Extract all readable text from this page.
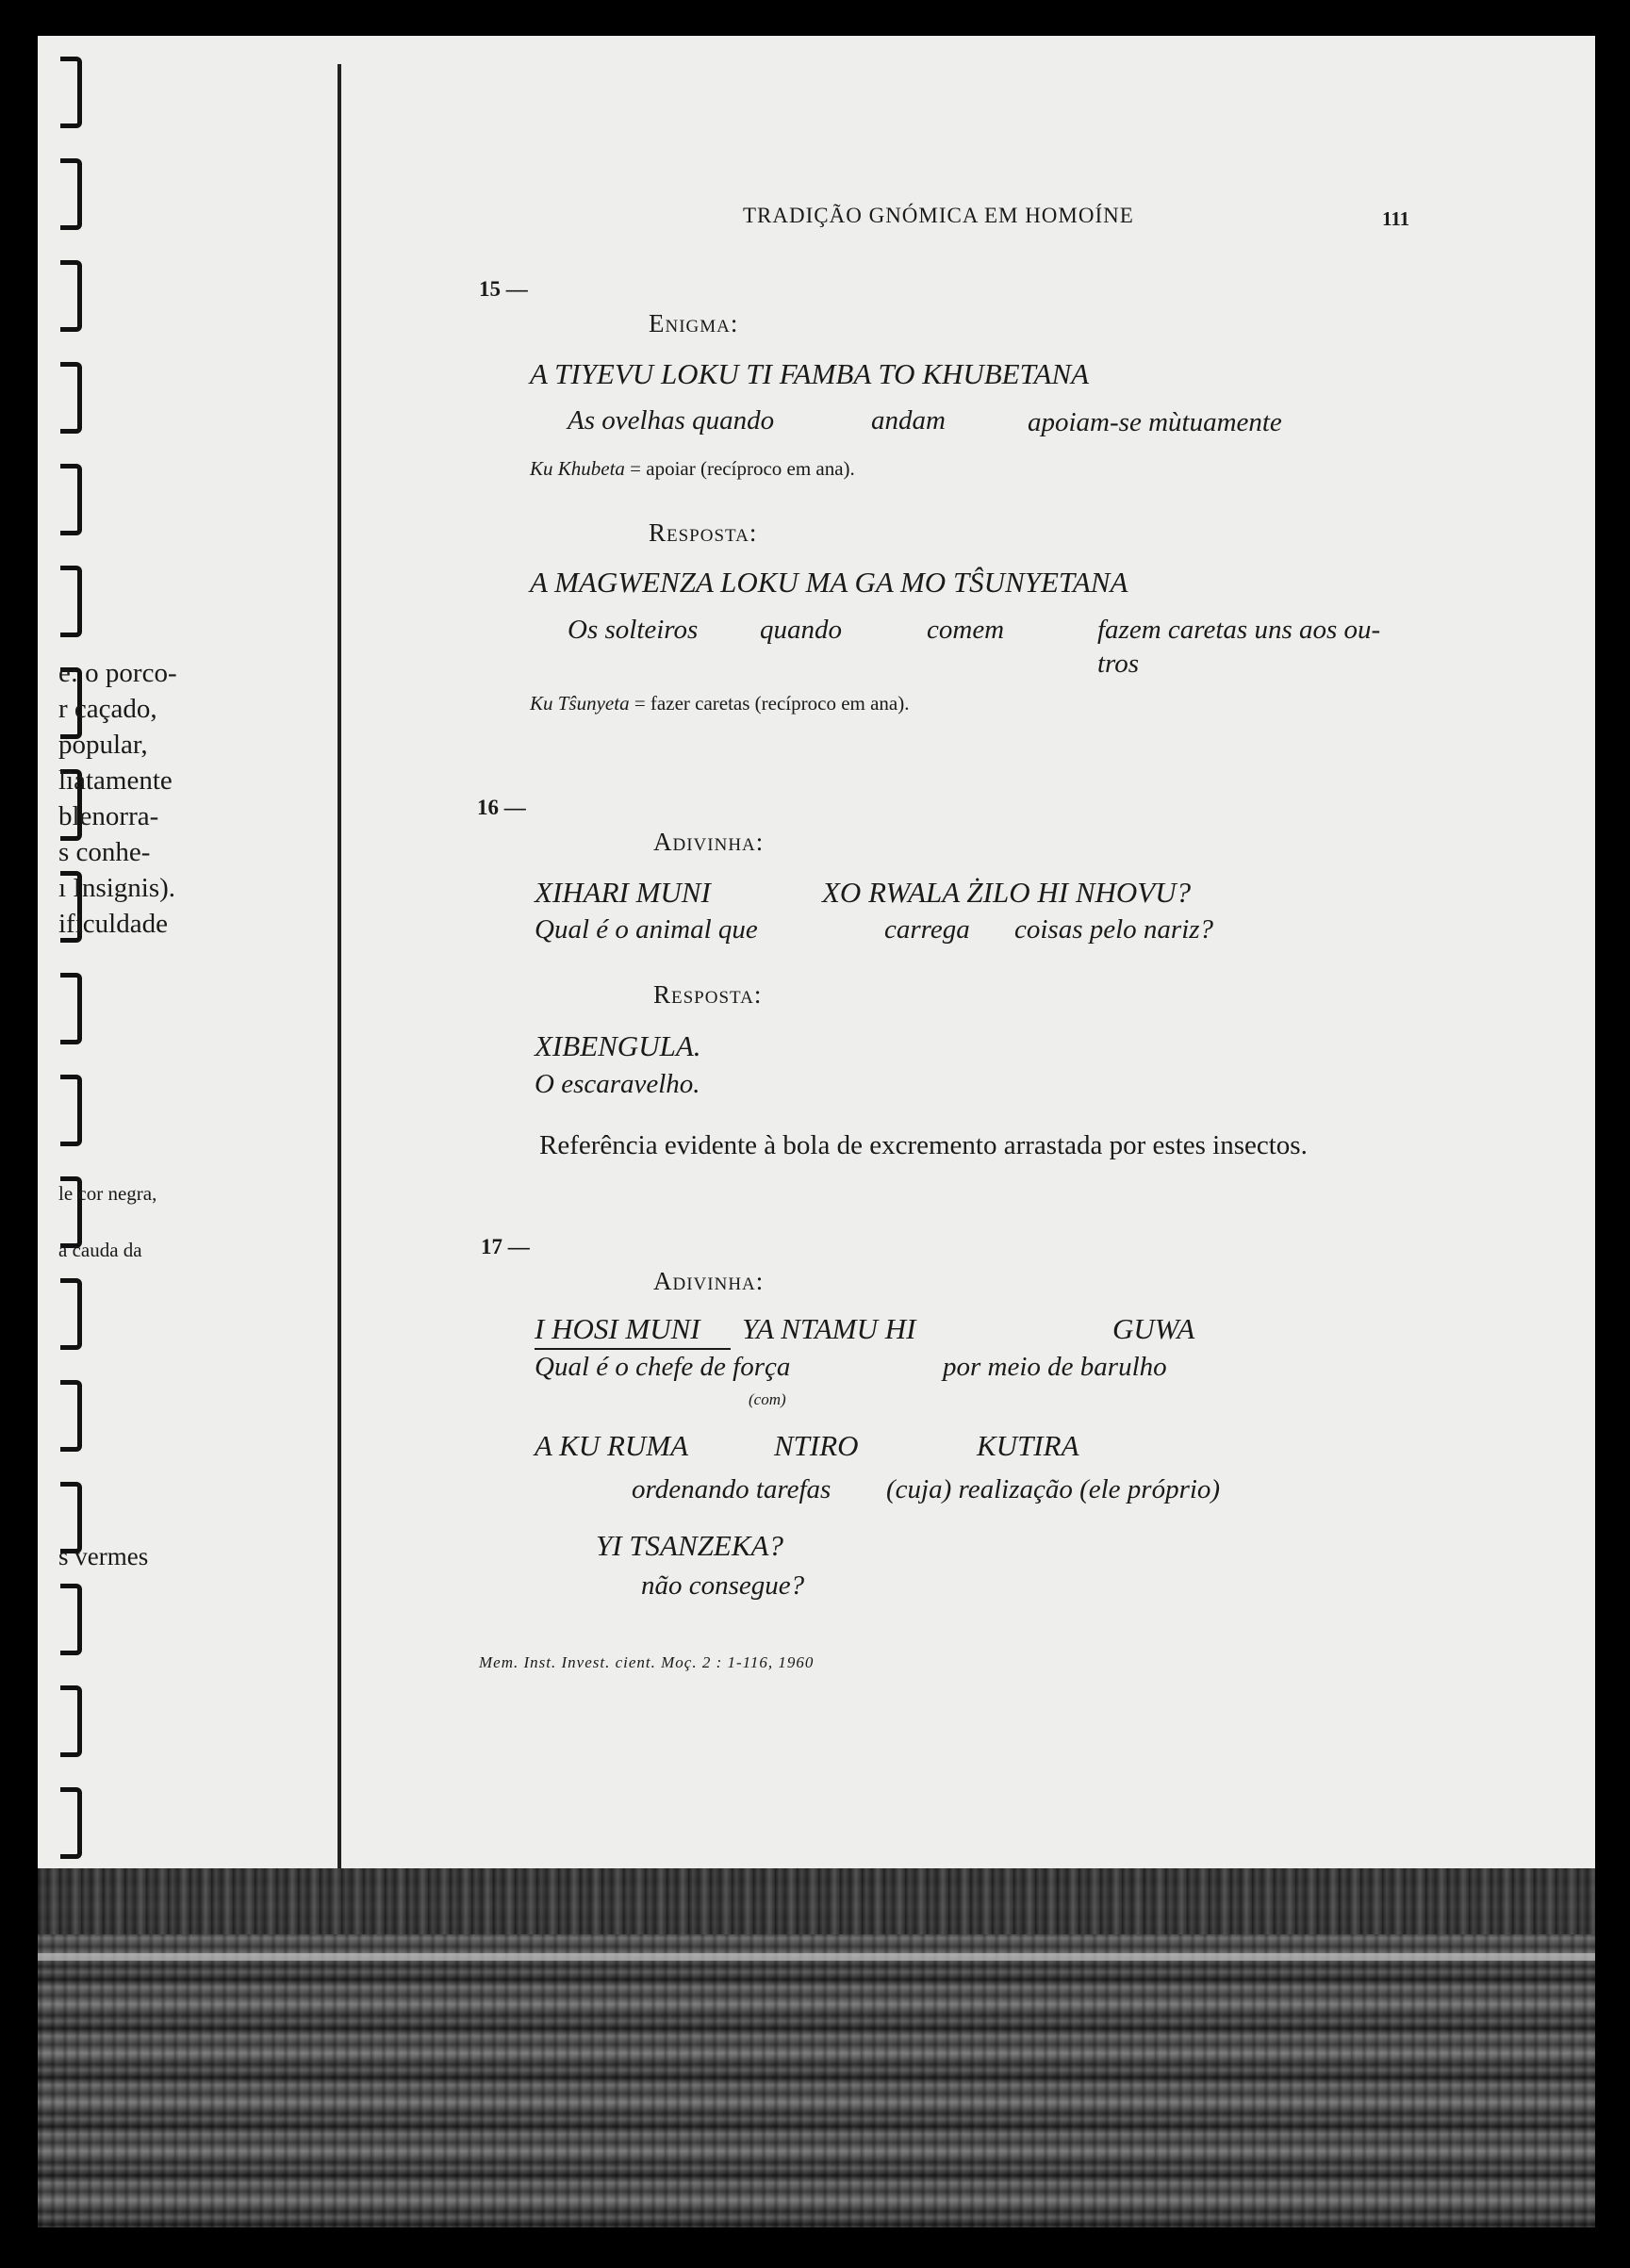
e: o porco-
r caçado,
popular,
liatamente
blenorra-
s conhe-
ı Insignis).
ificuldade
le cor negra,
a cauda da
s vermes
TRADIÇÃO GNÓMICA EM HOMOÍNE	111
15 —
Enigma:
A TIYEVU LOKU TI FAMBA TO KHUBETANA
As ovelhas quando	andam	apoiam-se mùtuamente
Ku Khubeta = apoiar (recíproco em ana).
Resposta:
A MAGWENZA LOKU MA GA MO TŜUNYETANA
Os solteiros quando	comem	fazem caretas uns aos ou-
tros
Ku Tŝunyeta = fazer caretas (recíproco em ana).
16 —
Adivinha:
XIHARI MUNI	XO RWALA ŻILO HI NHOVU?
Qual é o animal que	carrega coisas pelo nariz?
Resposta:
XIBENGULA.
O escaravelho.
Referência evidente à bola de excremento arrastada por estes insectos.
17 —
Adivinha:
I HOSI MUNI YA NTAMU HI	GUWA
Qual é o chefe de força	por meio de barulho
(com)
A KU RUMA	NTIRO	KUTIRA
ordenando tarefas (cuja) realização (ele próprio)
YI TSANZEKA?
não consegue?
Mem. Inst. Invest. cient. Moç. 2 : 1-116, 1960
